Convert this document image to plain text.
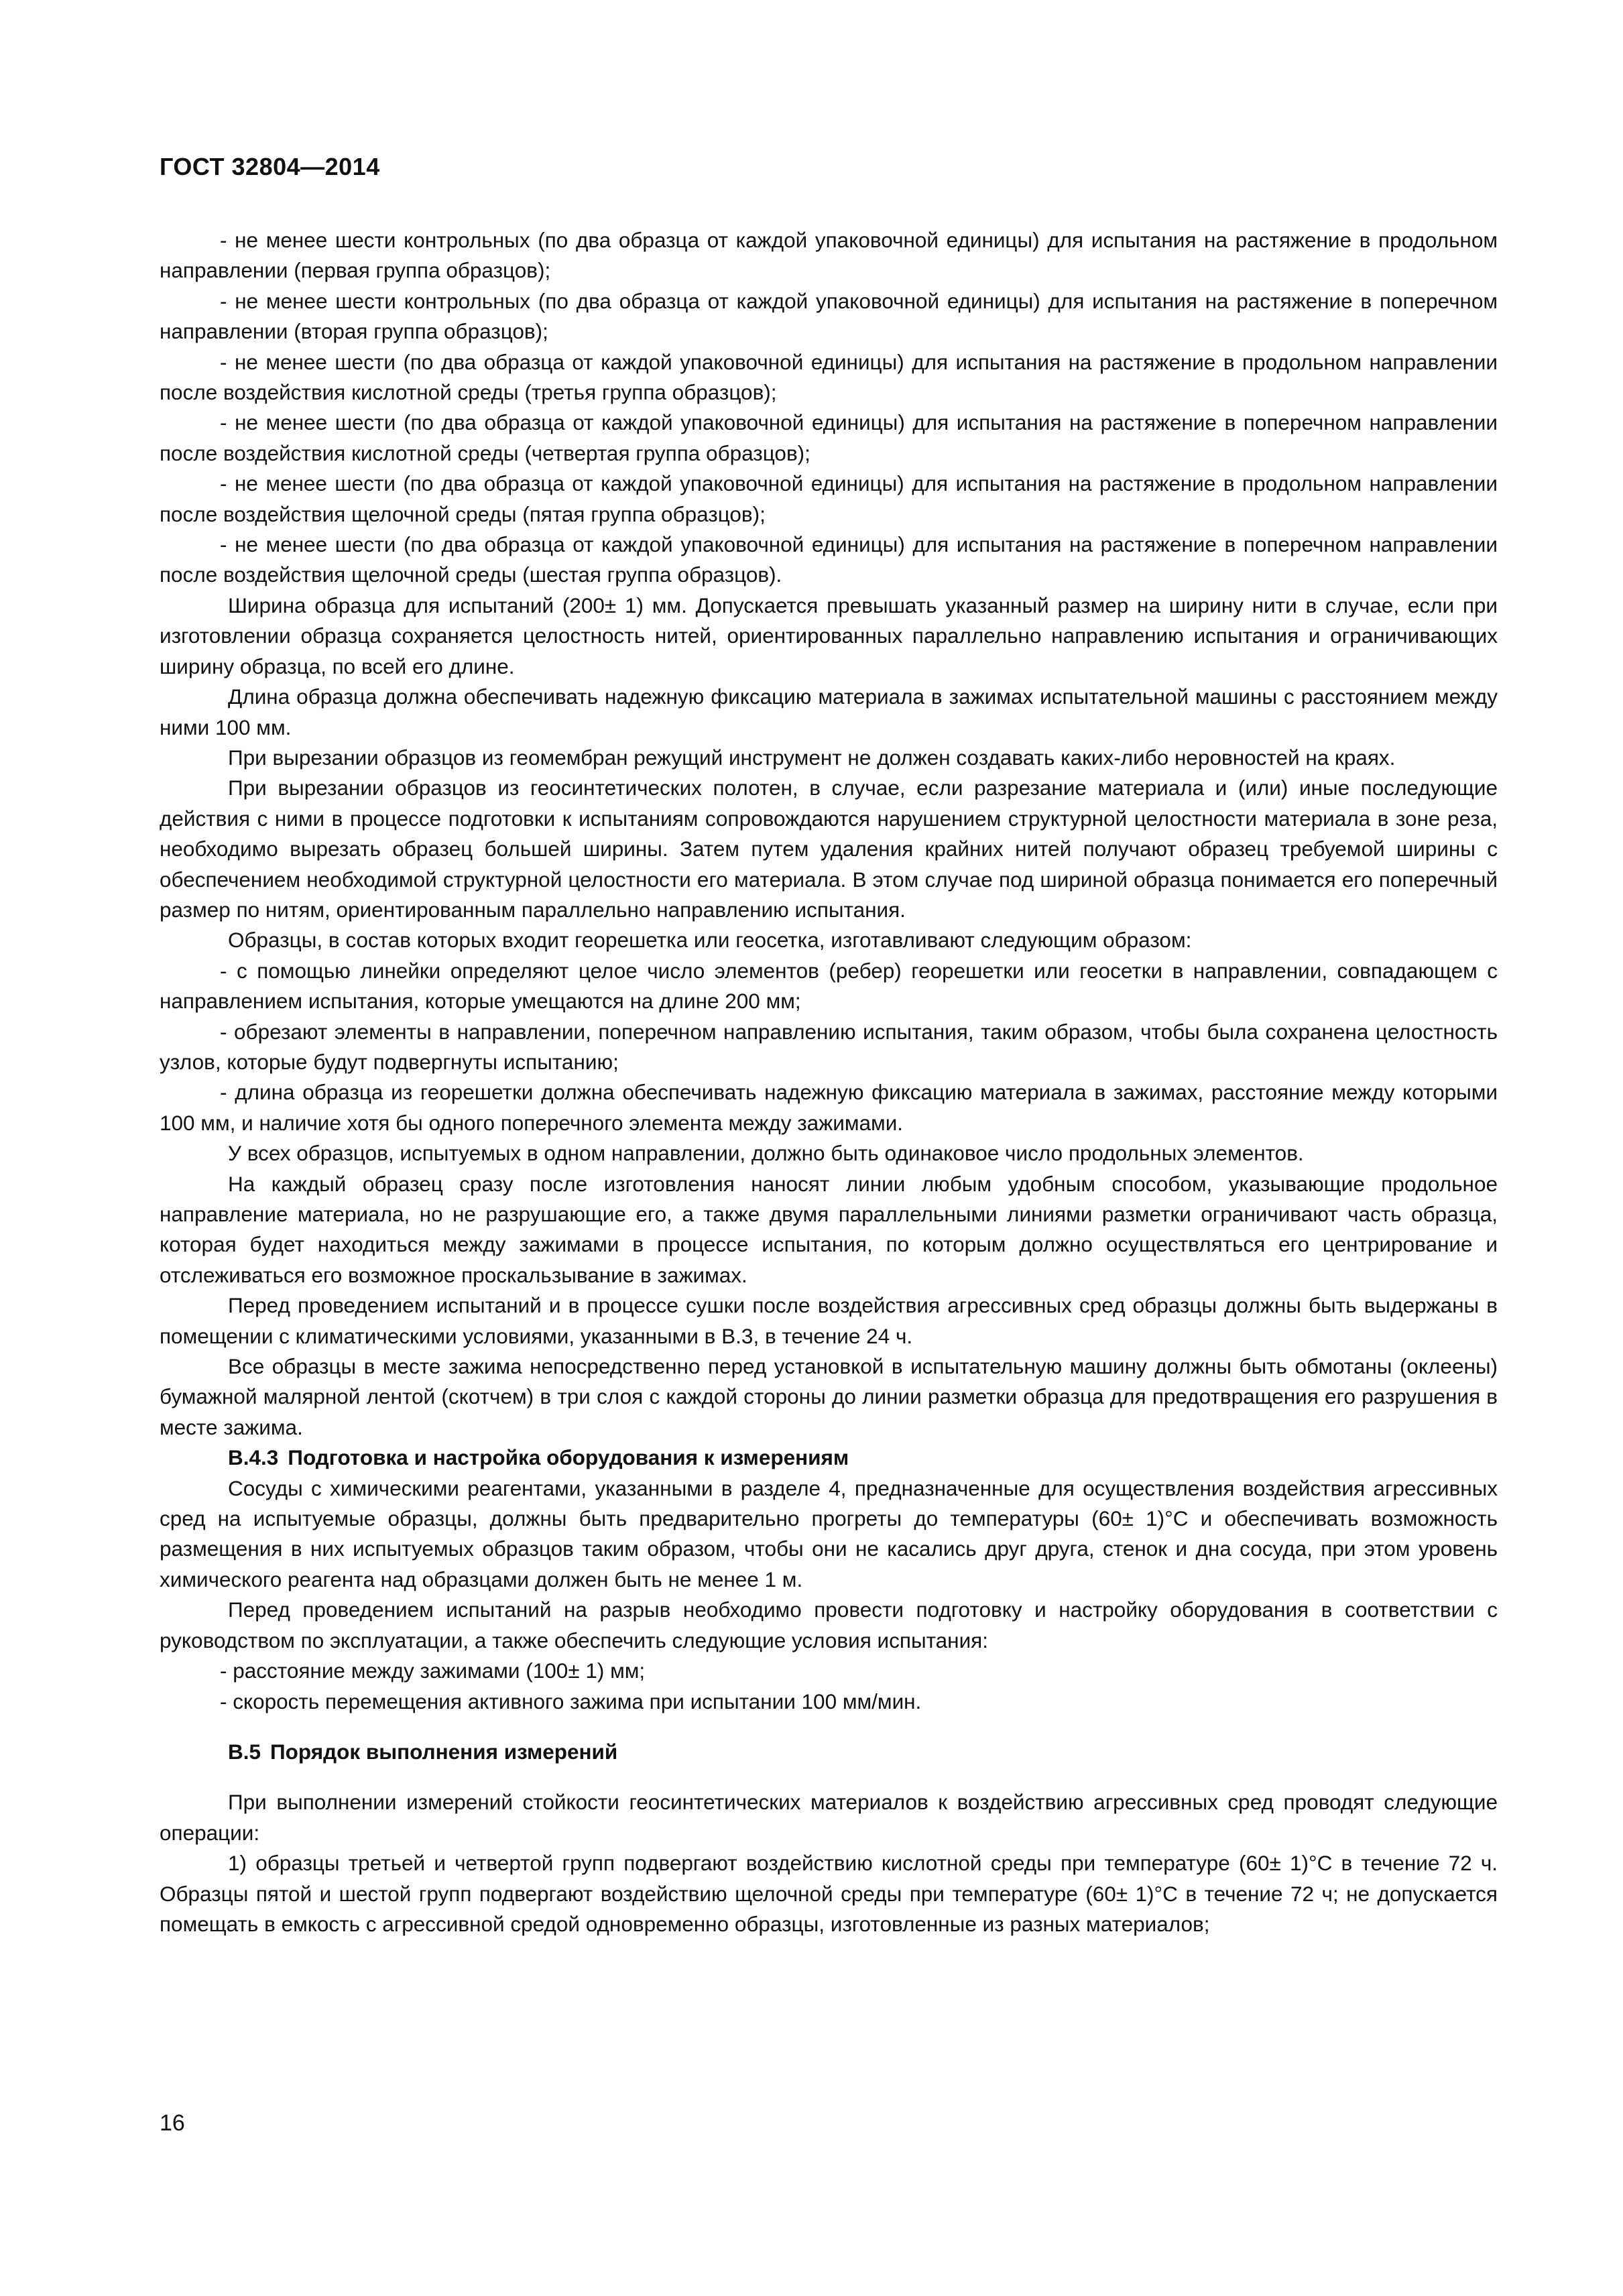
ГОСТ 32804—2014

- не менее шести контрольных (по два образца от каждой упаковочной единицы) для испытания на растяжение в продольном направлении (первая группа образцов);

- не менее шести контрольных (по два образца от каждой упаковочной единицы) для испытания на растяжение в поперечном направлении (вторая группа образцов);

- не менее шести (по два образца от каждой упаковочной единицы) для испытания на растяжение в продольном направлении после воздействия кислотной среды (третья группа образцов);

- не менее шести (по два образца от каждой упаковочной единицы) для испытания на растяжение в поперечном направлении после воздействия кислотной среды (четвертая группа образцов);

- не менее шести (по два образца от каждой упаковочной единицы) для испытания на растяжение в продольном направлении после воздействия щелочной среды (пятая группа образцов);

- не менее шести (по два образца от каждой упаковочной единицы) для испытания на растяжение в поперечном направлении после воздействия щелочной среды (шестая группа образцов).

Ширина образца для испытаний (200± 1) мм. Допускается превышать указанный размер на ширину нити в случае, если при изготовлении образца сохраняется целостность нитей, ориентированных параллельно направлению испытания и ограничивающих ширину образца, по всей его длине.

Длина образца должна обеспечивать надежную фиксацию материала в зажимах испытательной машины с расстоянием между ними 100 мм.

При вырезании образцов из геомембран режущий инструмент не должен создавать каких-либо неровностей на краях.

При вырезании образцов из геосинтетических полотен, в случае, если разрезание материала и (или) иные последующие действия с ними в процессе подготовки к испытаниям сопровождаются нарушением структурной целостности материала в зоне реза, необходимо вырезать образец большей ширины. Затем путем удаления крайних нитей получают образец требуемой ширины с обеспечением необходимой структурной целостности его материала. В этом случае под шириной образца понимается его поперечный размер по нитям, ориентированным параллельно направлению испытания.

Образцы, в состав которых входит георешетка или геосетка, изготавливают следующим образом:

- с помощью линейки определяют целое число элементов (ребер) георешетки или геосетки в направлении, совпадающем с направлением испытания, которые умещаются на длине 200 мм;

- обрезают элементы в направлении, поперечном направлению испытания, таким образом, чтобы была сохранена целостность узлов, которые будут подвергнуты испытанию;

- длина образца из георешетки должна обеспечивать надежную фиксацию материала в зажимах, расстояние между которыми 100 мм, и наличие хотя бы одного поперечного элемента между зажимами.

У всех образцов, испытуемых в одном направлении, должно быть одинаковое число продольных элементов.

На каждый образец сразу после изготовления наносят линии любым удобным способом, указывающие продольное направление материала, но не разрушающие его, а также двумя параллельными линиями разметки ограничивают часть образца, которая будет находиться между зажимами в процессе испытания, по которым должно осуществляться его центрирование и отслеживаться его возможное проскальзывание в зажимах.

Перед проведением испытаний и в процессе сушки после воздействия агрессивных сред образцы должны быть выдержаны в помещении с климатическими условиями, указанными в В.3, в течение 24 ч.

Все образцы в месте зажима непосредственно перед установкой в испытательную машину должны быть обмотаны (оклеены) бумажной малярной лентой (скотчем) в три слоя с каждой стороны до линии разметки образца для предотвращения его разрушения в месте зажима.

В.4.3 Подготовка и настройка оборудования к измерениям

Сосуды с химическими реагентами, указанными в разделе 4, предназначенные для осуществления воздействия агрессивных сред на испытуемые образцы, должны быть предварительно прогреты до температуры (60± 1)°С и обеспечивать возможность размещения в них испытуемых образцов таким образом, чтобы они не касались друг друга, стенок и дна сосуда, при этом уровень химического реагента над образцами должен быть не менее 1 м.

Перед проведением испытаний на разрыв необходимо провести подготовку и настройку оборудования в соответствии с руководством по эксплуатации, а также обеспечить следующие условия испытания:

- расстояние между зажимами (100± 1) мм;

- скорость перемещения активного зажима при испытании 100 мм/мин.

В.5 Порядок выполнения измерений

При выполнении измерений стойкости геосинтетических материалов к воздействию агрессивных сред проводят следующие операции:

1) образцы третьей и четвертой групп подвергают воздействию кислотной среды при температуре (60± 1)°С в течение 72 ч. Образцы пятой и шестой групп подвергают воздействию щелочной среды при температуре (60± 1)°С в течение 72 ч; не допускается помещать в емкость с агрессивной средой одновременно образцы, изготовленные из разных материалов;

16
